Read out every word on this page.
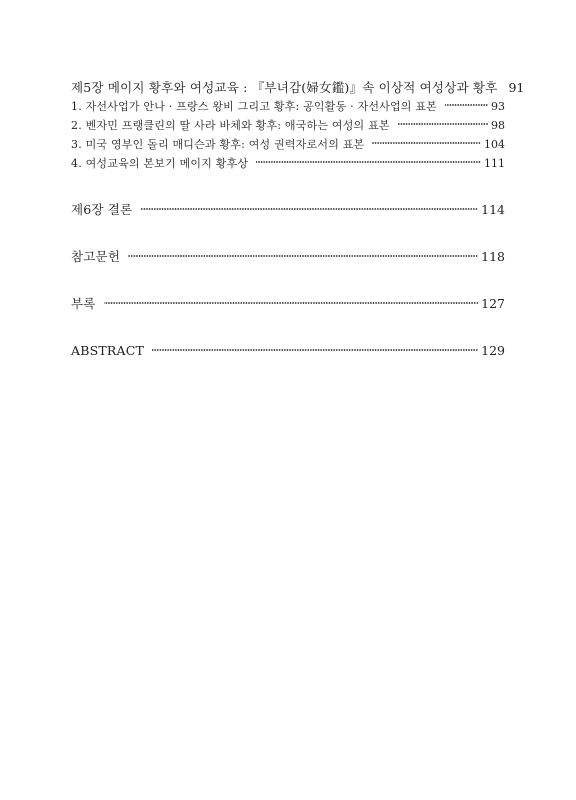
제5장 메이지 황후와 여성교육 : 『부녀감(婦女鑑)』속 이상적 여성상과 황후 91
1. 자선사업가 안나 · 프랑스 왕비 그리고 황후: 공익활동 · 자선사업의 표본	93
2. 벤자민 프랭클린의 딸 사라 바체와 황후: 애국하는 여성의 표본	98
3. 미국 영부인 돌리 매디슨과 황후: 여성 권력자로서의 표본	104
4. 여성교육의 본보기 메이지 황후상	111
제6장 결론	114
참고문헌	118
부록	127
ABSTRACT	129
